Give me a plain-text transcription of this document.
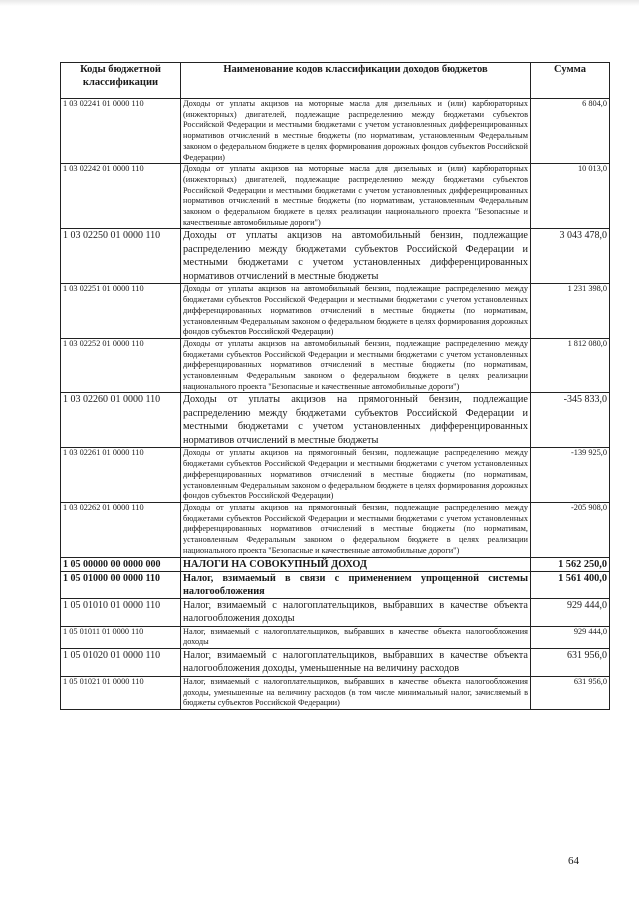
Коды бюджетной классификации	Наименование кодов классификации доходов бюджетов	Сумма
1 03 02241 01 0000 110	Доходы от уплаты акцизов на моторные масла для дизельных и (или) карбюраторных (инжекторных) двигателей, подлежащие распределению между бюджетами субъектов Российской Федерации и местными бюджетами с учетом установленных дифференцированных нормативов отчислений в местные бюджеты (по нормативам, установленным Федеральным законом о федеральном бюджете в целях формирования дорожных фондов субъектов Российской Федерации)	6 804,0
1 03 02242 01 0000 110	Доходы от уплаты акцизов на моторные масла для дизельных и (или) карбюраторных (инжекторных) двигателей, подлежащие распределению между бюджетами субъектов Российской Федерации и местными бюджетами с учетом установленных дифференцированных нормативов отчислений в местные бюджеты (по нормативам, установленным Федеральным законом о федеральном бюджете в целях реализации национального проекта "Безопасные и качественные автомобильные дороги")	10 013,0
1 03 02250 01 0000 110	Доходы от уплаты акцизов на автомобильный бензин, подлежащие распределению между бюджетами субъектов Российской Федерации и местными бюджетами с учетом установленных дифференцированных нормативов отчислений в местные бюджеты	3 043 478,0
1 03 02251 01 0000 110	Доходы от уплаты акцизов на автомобильный бензин, подлежащие распределению между бюджетами субъектов Российской Федерации и местными бюджетами с учетом установленных дифференцированных нормативов отчислений в местные бюджеты (по нормативам, установленным Федеральным законом о федеральном бюджете в целях формирования дорожных фондов субъектов Российской Федерации)	1 231 398,0
1 03 02252 01 0000 110	Доходы от уплаты акцизов на автомобильный бензин, подлежащие распределению между бюджетами субъектов Российской Федерации и местными бюджетами с учетом установленных дифференцированных нормативов отчислений в местные бюджеты (по нормативам, установленным Федеральным законом о федеральном бюджете в целях реализации национального проекта "Безопасные и качественные автомобильные дороги")	1 812 080,0
1 03 02260 01 0000 110	Доходы от уплаты акцизов на прямогонный бензин, подлежащие распределению между бюджетами субъектов Российской Федерации и местными бюджетами с учетом установленных дифференцированных нормативов отчислений в местные бюджеты	-345 833,0
1 03 02261 01 0000 110	Доходы от уплаты акцизов на прямогонный бензин, подлежащие распределению между бюджетами субъектов Российской Федерации и местными бюджетами с учетом установленных дифференцированных нормативов отчислений в местные бюджеты (по нормативам, установленным Федеральным законом о федеральном бюджете в целях формирования дорожных фондов субъектов Российской Федерации)	-139 925,0
1 03 02262 01 0000 110	Доходы от уплаты акцизов на прямогонный бензин, подлежащие распределению между бюджетами субъектов Российской Федерации и местными бюджетами с учетом установленных дифференцированных нормативов отчислений в местные бюджеты (по нормативам, установленным Федеральным законом о федеральном бюджете в целях реализации национального проекта "Безопасные и качественные автомобильные дороги")	-205 908,0
1 05 00000 00 0000 000	НАЛОГИ НА СОВОКУПНЫЙ ДОХОД	1 562 250,0
1 05 01000 00 0000 110	Налог, взимаемый в связи с применением упрощенной системы налогообложения	1 561 400,0
1 05 01010 01 0000 110	Налог, взимаемый с налогоплательщиков, выбравших в качестве объекта налогообложения доходы	929 444,0
1 05 01011 01 0000 110	Налог, взимаемый с налогоплательщиков, выбравших в качестве объекта налогообложения доходы	929 444,0
1 05 01020 01 0000 110	Налог, взимаемый с налогоплательщиков, выбравших в качестве объекта налогообложения доходы, уменьшенные на величину расходов	631 956,0
1 05 01021 01 0000 110	Налог, взимаемый с налогоплательщиков, выбравших в качестве объекта налогообложения доходы, уменьшенные на величину расходов (в том числе минимальный налог, зачисляемый в бюджеты субъектов Российской Федерации)	631 956,0
64
